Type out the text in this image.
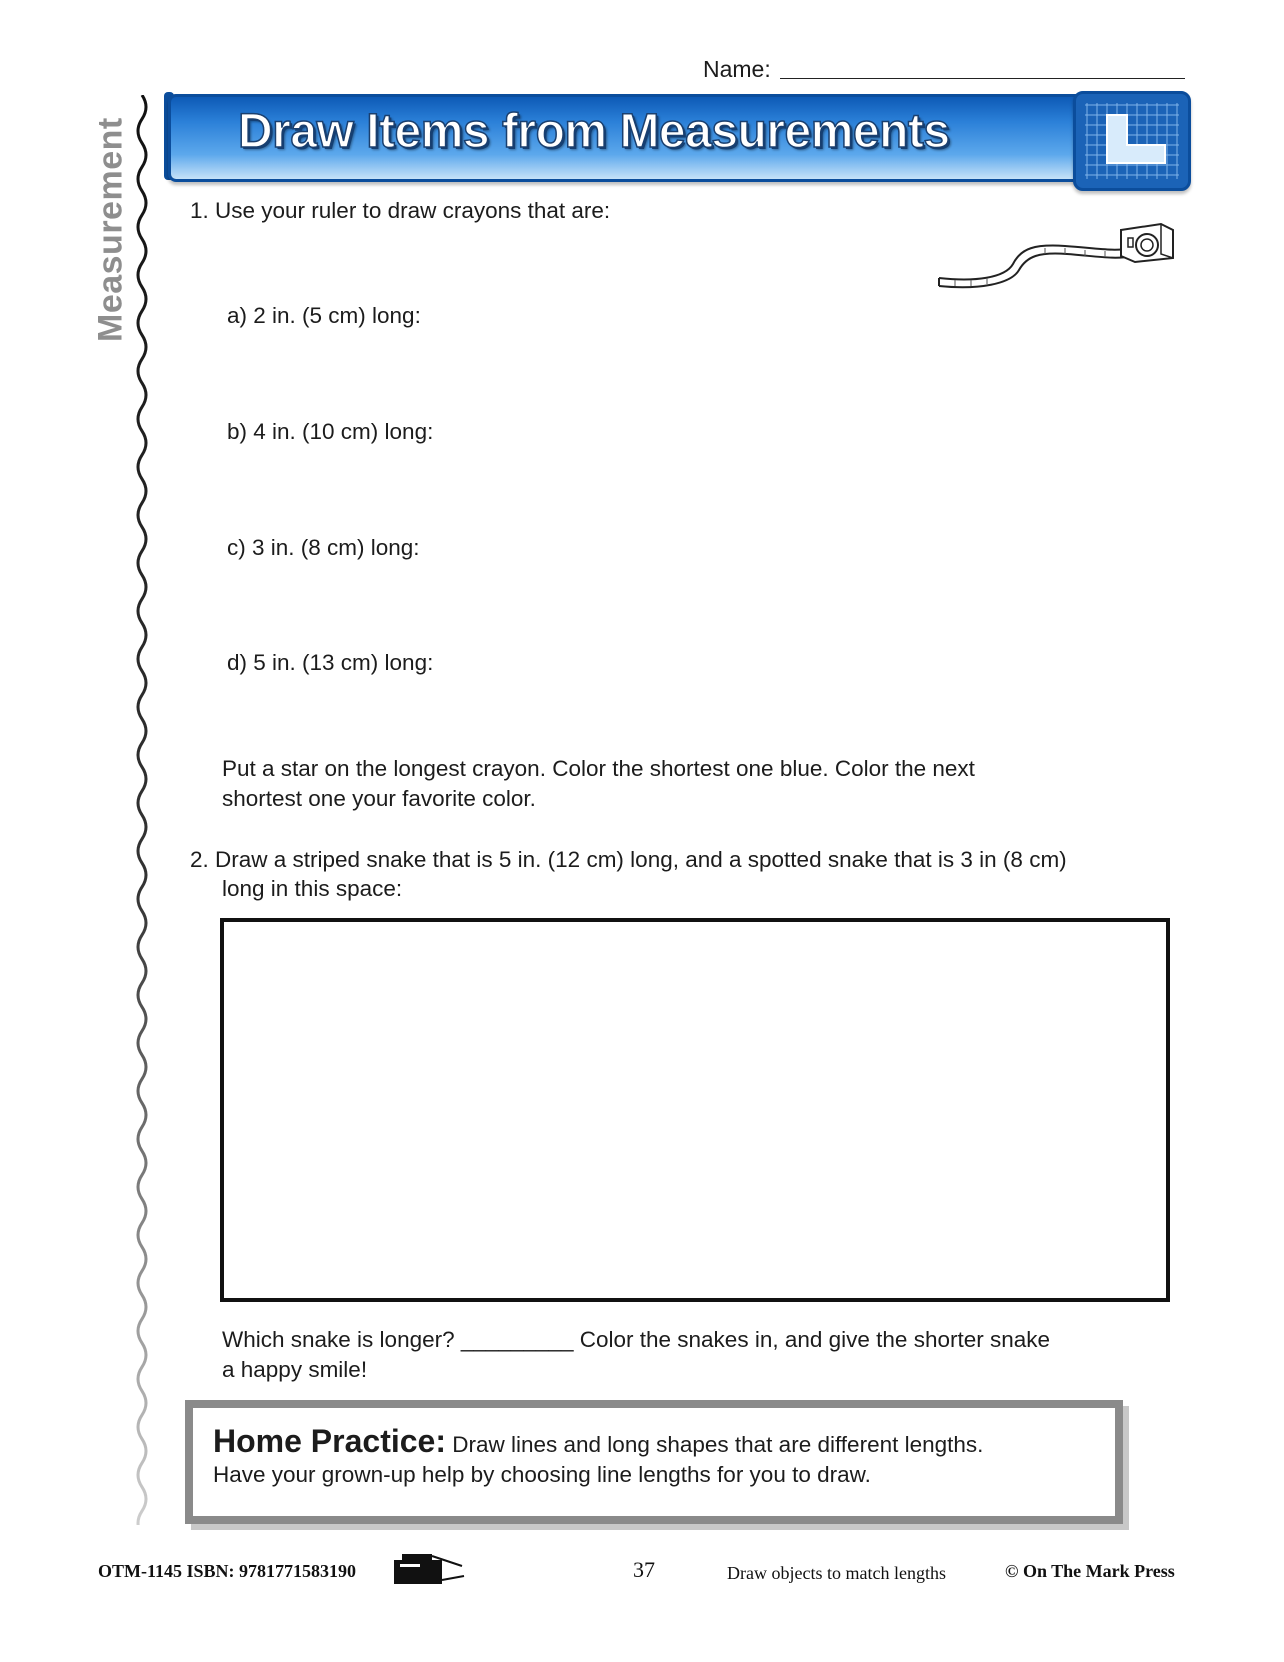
Name:
Measurement Draw Items from Measurements
1. Use your ruler to draw crayons that are:
a) 2 in. (5 cm) long:
b) 4 in. (10 cm) long:
c) 3 in. (8 cm) long:
d) 5 in. (13 cm) long:
Put a star on the longest crayon. Color the shortest one blue. Color the next
shortest one your favorite color.
2. Draw a striped snake that is 5 in. (12 cm) long, and a spotted snake that is 3 in (8 cm)
long in this space:
Which snake is longer? _________ Color the snakes in, and give the shorter snake
a happy smile!
Home Practice: Draw lines and long shapes that are different lengths.
Have your grown-up help by choosing line lengths for you to draw.
OTM-1145 ISBN: 9781771583190	37	Draw objects to match lengths	© On The Mark Press
